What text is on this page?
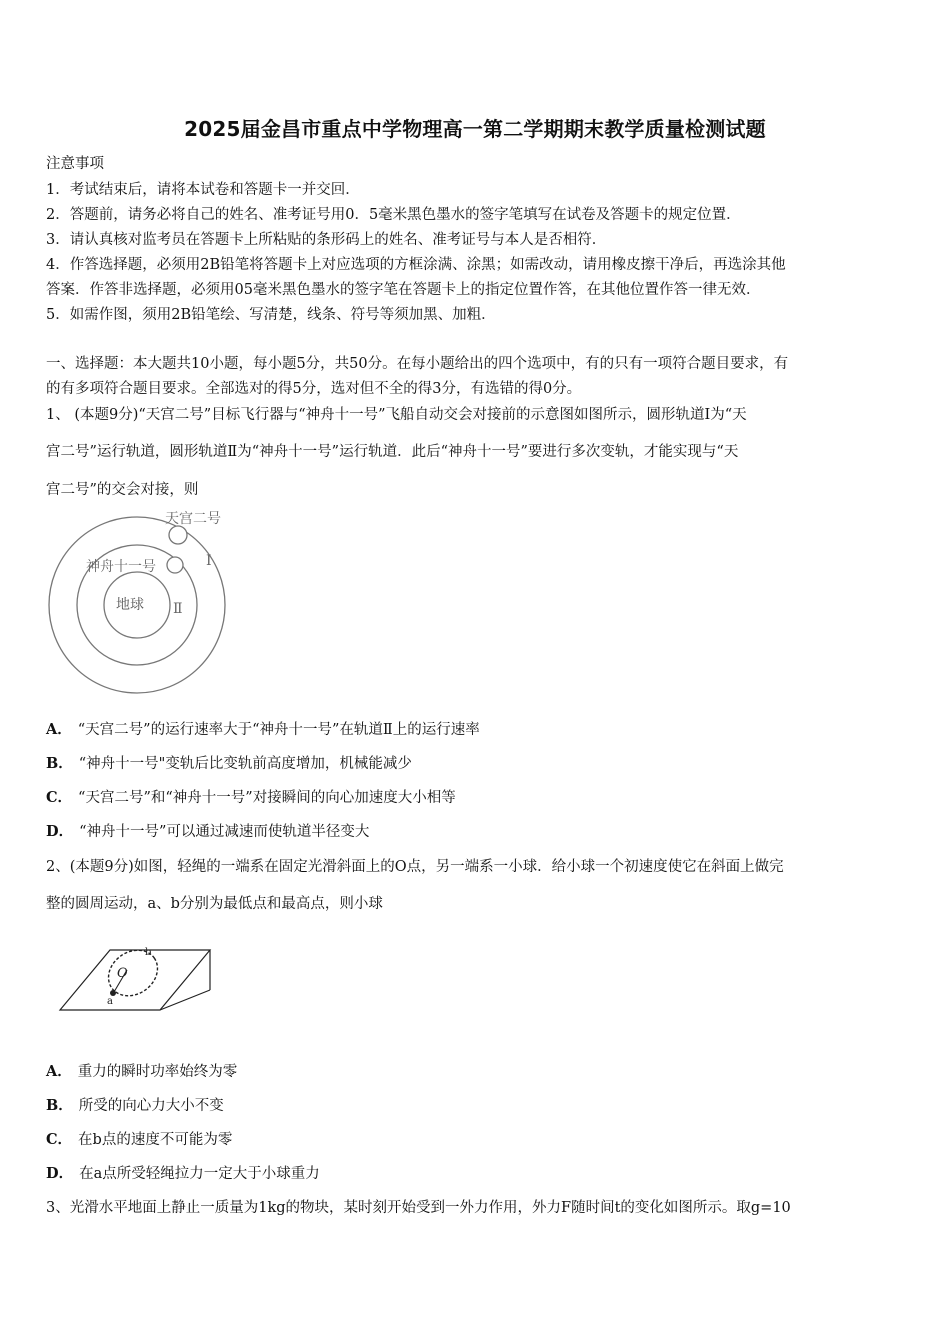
2025届金昌市重点中学物理高一第二学期期末教学质量检测试题
注意事项
1．考试结束后，请将本试卷和答题卡一并交回．
2．答题前，请务必将自己的姓名、准考证号用0．5毫米黑色墨水的签字笔填写在试卷及答题卡的规定位置．
3．请认真核对监考员在答题卡上所粘贴的条形码上的姓名、准考证号与本人是否相符．
4．作答选择题，必须用2B铅笔将答题卡上对应选项的方框涂满、涂黑；如需改动，请用橡皮擦干净后，再选涂其他
答案．作答非选择题，必须用05毫米黑色墨水的签字笔在答题卡上的指定位置作答，在其他位置作答一律无效．
5．如需作图，须用2B铅笔绘、写清楚，线条、符号等须加黑、加粗．
一、选择题：本大题共10小题，每小题5分，共50分。在每小题给出的四个选项中，有的只有一项符合题目要求，有
的有多项符合题目要求。全部选对的得5分，选对但不全的得3分，有选错的得0分。
1、 (本题9分)“天宫二号”目标飞行器与“神舟十一号”飞船自动交会对接前的示意图如图所示，圆形轨道Ⅰ为“天
宫二号”运行轨道，圆形轨道Ⅱ为“神舟十一号”运行轨道．此后“神舟十一号”要进行多次变轨，才能实现与“天
宫二号”的交会对接，则
天宫二号
神舟十一号
地球
Ⅰ
Ⅱ
A． “天宫二号”的运行速率大于“神舟十一号”在轨道Ⅱ上的运行速率
B． “神舟十一号"变轨后比变轨前高度增加，机械能减少
C． “天宫二号”和“神舟十一号”对接瞬间的向心加速度大小相等
D． “神舟十一号”可以通过减速而使轨道半径变大
2、(本题9分)如图，轻绳的一端系在固定光滑斜面上的O点，另一端系一小球．给小球一个初速度使它在斜面上做完
整的圆周运动，a、b分别为最低点和最高点，则小球
O
a
b
A． 重力的瞬时功率始终为零
B． 所受的向心力大小不变
C． 在b点的速度不可能为零
D． 在a点所受轻绳拉力一定大于小球重力
3、光滑水平地面上静止一质量为1kg的物块，某时刻开始受到一外力作用，外力F随时间t的变化如图所示。取g=10
